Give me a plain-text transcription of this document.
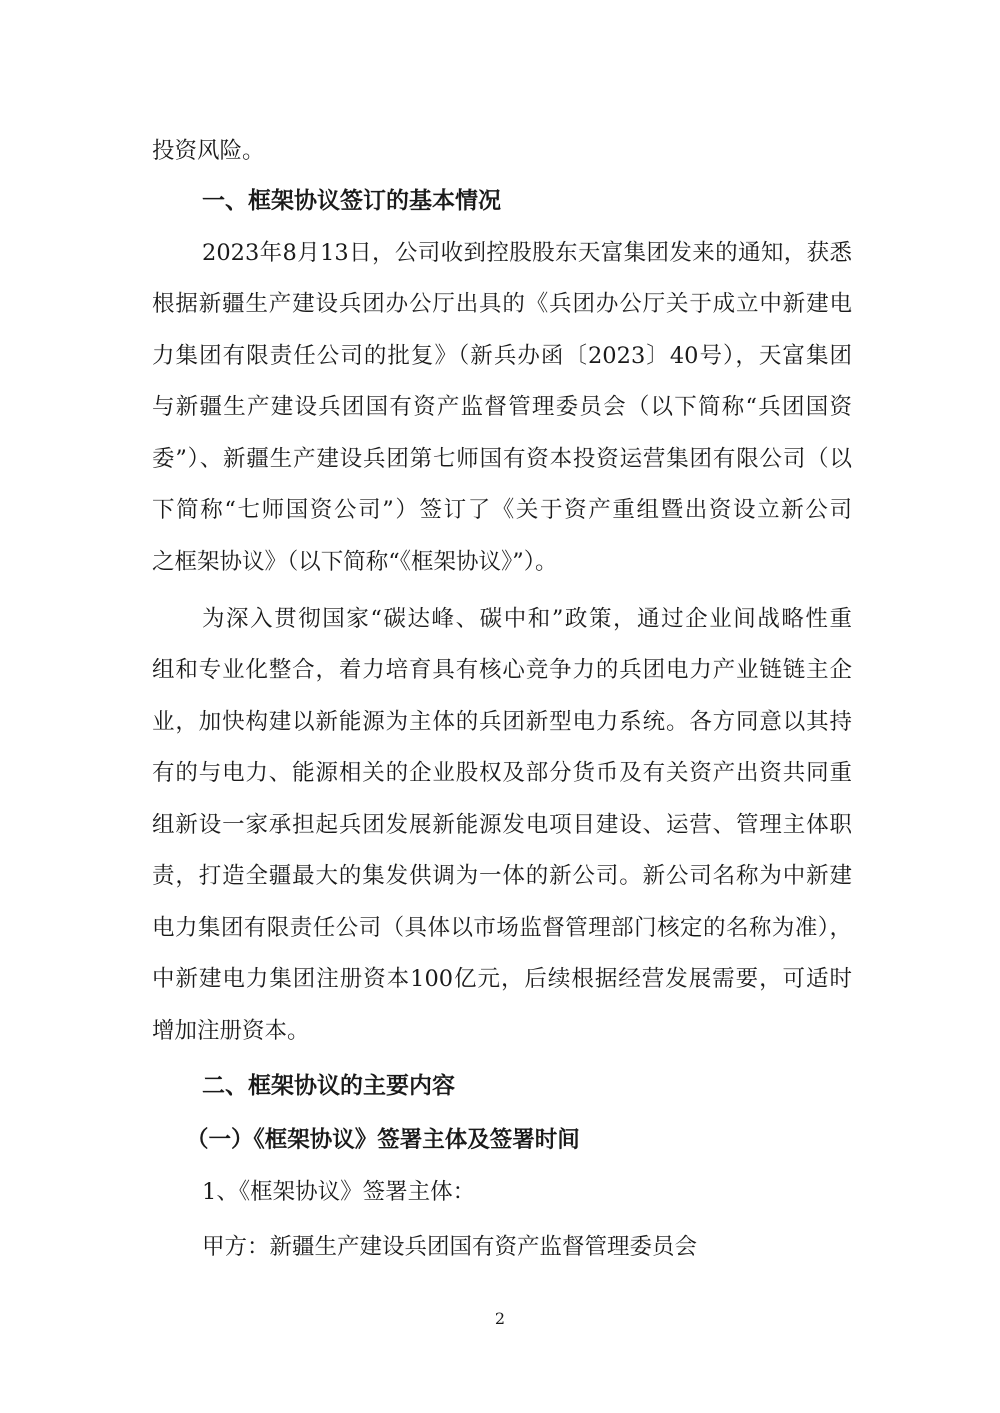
投资风险。
一、框架协议签订的基本情况
2023年8月13日，公司收到控股股东天富集团发来的通知，获悉
根据新疆生产建设兵团办公厅出具的《兵团办公厅关于成立中新建电
力集团有限责任公司的批复》（新兵办函〔2023〕40号），天富集团
与新疆生产建设兵团国有资产监督管理委员会（以下简称“兵团国资
委”）、新疆生产建设兵团第七师国有资本投资运营集团有限公司（以
下简称“七师国资公司”）签订了《关于资产重组暨出资设立新公司
之框架协议》（以下简称“《框架协议》”）。
为深入贯彻国家“碳达峰、碳中和”政策，通过企业间战略性重
组和专业化整合，着力培育具有核心竞争力的兵团电力产业链链主企
业，加快构建以新能源为主体的兵团新型电力系统。各方同意以其持
有的与电力、能源相关的企业股权及部分货币及有关资产出资共同重
组新设一家承担起兵团发展新能源发电项目建设、运营、管理主体职
责，打造全疆最大的集发供调为一体的新公司。新公司名称为中新建
电力集团有限责任公司（具体以市场监督管理部门核定的名称为准），
中新建电力集团注册资本100亿元，后续根据经营发展需要，可适时
增加注册资本。
二、框架协议的主要内容
（一）《框架协议》签署主体及签署时间
1、《框架协议》签署主体：
甲方：新疆生产建设兵团国有资产监督管理委员会
2
